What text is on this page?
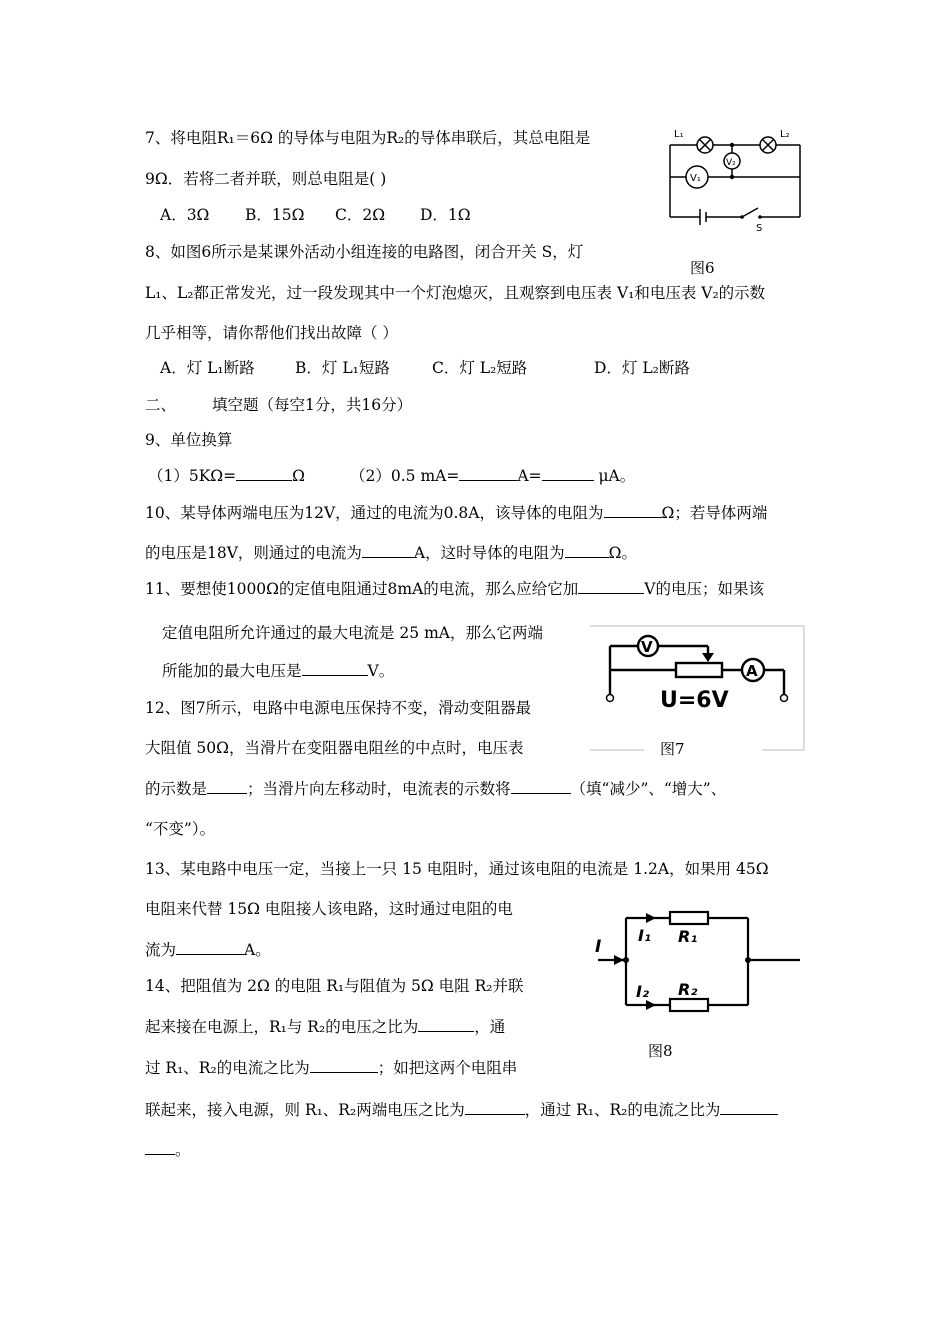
7、将电阻R₁＝6Ω 的导体与电阻为R₂的导体串联后，其总电阻是
9Ω．若将二者并联，则总电阻是( )
A．3Ω B．15Ω C．2Ω D．1Ω
L₁	L₂
V₂
V₁
S
图6
8、如图6所示是某课外活动小组连接的电路图，闭合开关 S，灯
L₁、L₂都正常发光，过一段发现其中一个灯泡熄灭，且观察到电压表 V₁和电压表 V₂的示数
几乎相等，请你帮他们找出故障（ ）
A．灯 L₁断路	B．灯 L₁短路	C．灯 L₂短路	D．灯 L₂断路
二、 填空题（每空1分，共16分）
9、单位换算
（1）5KΩ=	Ω	（2）0.5 mA=	A=	μA。
10、某导体两端电压为12V，通过的电流为0.8A，该导体的电阻为	Ω；若导体两端
的电压是18V，则通过的电流为	A，这时导体的电阻为	Ω。
11、要想使1000Ω的定值电阻通过8mA的电流，那么应给它加	V的电压；如果该
定值电阻所允许通过的最大电流是 25 mA，那么它两端
所能加的最大电压是	V。
V
A
U=6V
图7
12、图7所示，电路中电源电压保持不变，滑动变阻器最
大阻值 50Ω，当滑片在变阻器电阻丝的中点时，电压表
的示数是	；当滑片向左移动时，电流表的示数将	（填“减少”、“增大”、
“不变”）。
13、某电路中电压一定，当接上一只 15 电阻时，通过该电阻的电流是 1.2A，如果用 45Ω
电阻来代替 15Ω 电阻接人该电路，这时通过电阻的电
流为	A。	I
I₁ R₁
I₂ R₂
图8
14、把阻值为 2Ω 的电阻 R₁与阻值为 5Ω 电阻 R₂并联
起来接在电源上，R₁与 R₂的电压之比为	，通
过 R₁、R₂的电流之比为	；如把这两个电阻串
联起来，接入电源，则 R₁、R₂两端电压之比为	，通过 R₁、R₂的电流之比为
。
